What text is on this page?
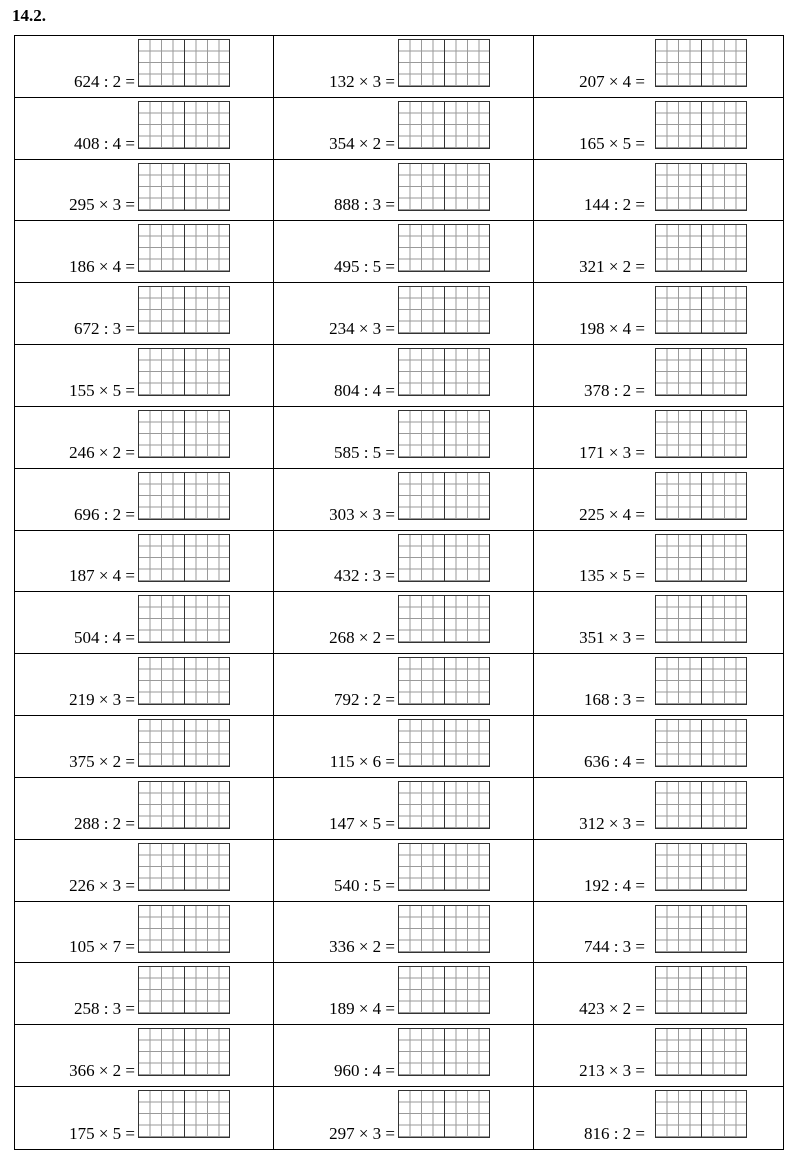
14.2.
624 : 2 =	132 × 3 =	207 × 4 =
408 : 4 =	354 × 2 =	165 × 5 =
295 × 3 =	888 : 3 =	144 : 2 =
186 × 4 =	495 : 5 =	321 × 2 =
672 : 3 =	234 × 3 =	198 × 4 =
155 × 5 =	804 : 4 =	378 : 2 =
246 × 2 =	585 : 5 =	171 × 3 =
696 : 2 =	303 × 3 =	225 × 4 =
187 × 4 =	432 : 3 =	135 × 5 =
504 : 4 =	268 × 2 =	351 × 3 =
219 × 3 =	792 : 2 =	168 : 3 =
375 × 2 =	115 × 6 =	636 : 4 =
288 : 2 =	147 × 5 =	312 × 3 =
226 × 3 =	540 : 5 =	192 : 4 =
105 × 7 =	336 × 2 =	744 : 3 =
258 : 3 =	189 × 4 =	423 × 2 =
366 × 2 =	960 : 4 =	213 × 3 =
175 × 5 =	297 × 3 =	816 : 2 =
